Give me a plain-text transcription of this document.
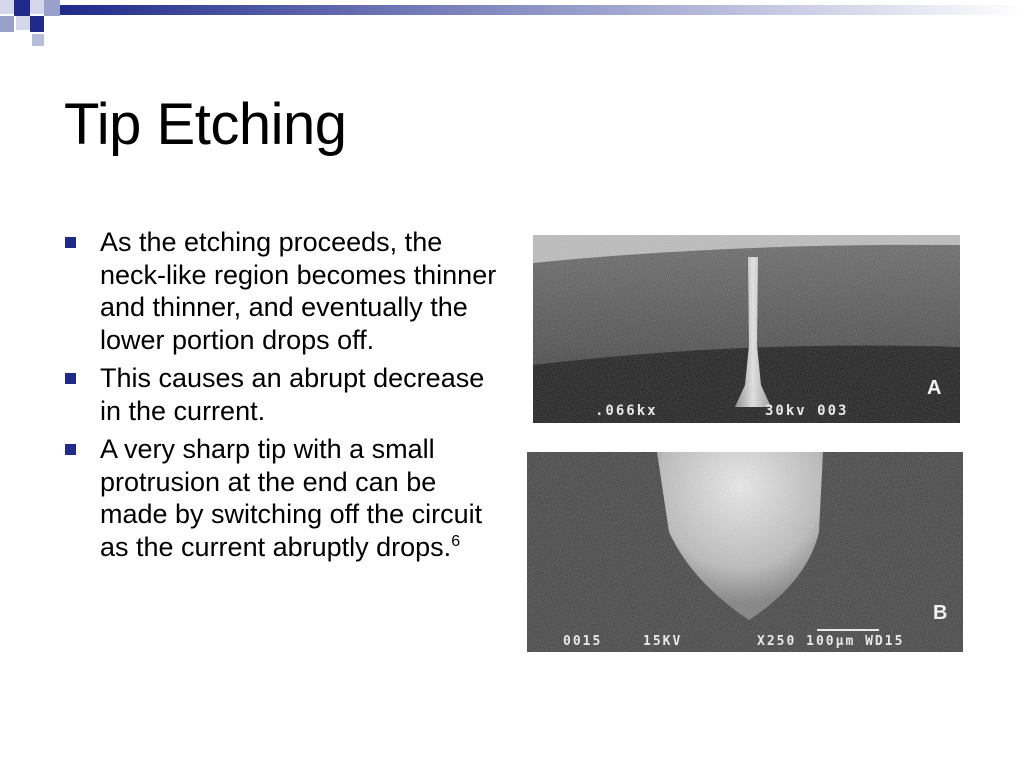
Tip Etching
As the etching proceeds, the neck-like region becomes thinner and thinner, and eventually the lower portion drops off.
This causes an abrupt decrease in the current.
A very sharp tip with a small protrusion at the end can be made by switching off the circuit as the current abruptly drops.$^6$
.066kx	30kv 003
A
0015	15KV	X250 100µm WD15
B
